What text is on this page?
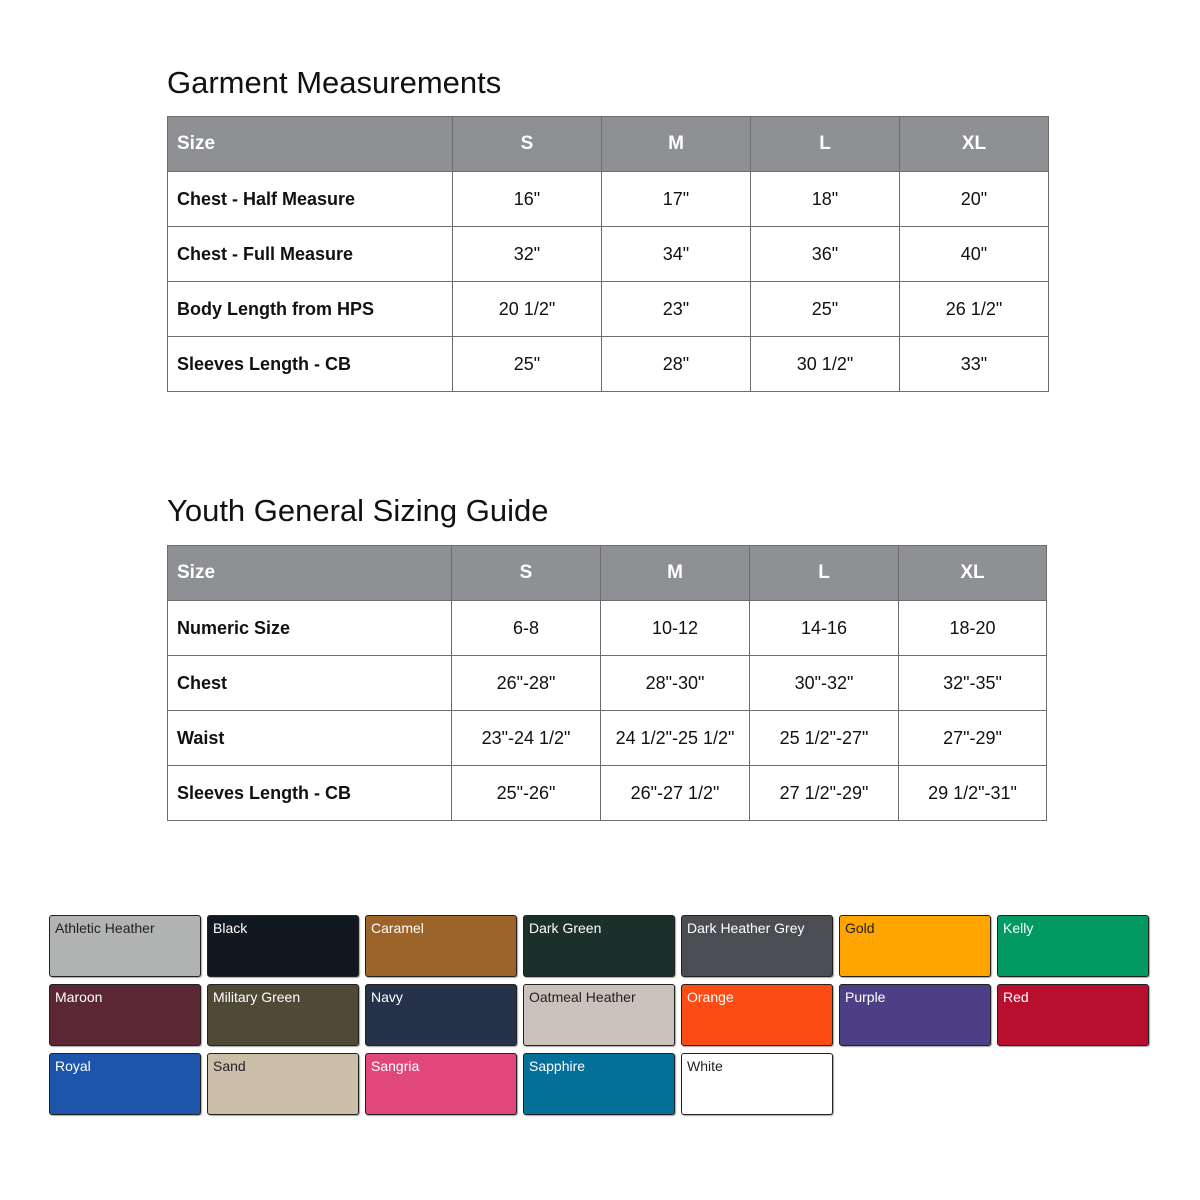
Garment Measurements
Size	S	M	L	XL
Chest - Half Measure	16"	17"	18"	20"
Chest - Full Measure	32"	34"	36"	40"
Body Length from HPS	20 1/2"	23"	25"	26 1/2"
Sleeves Length - CB	25"	28"	30 1/2"	33"
Youth General Sizing Guide
Size	S	M	L	XL
Numeric Size	6-8	10-12	14-16	18-20
Chest	26"-28"	28"-30"	30"-32"	32"-35"
Waist	23"-24 1/2"	24 1/2"-25 1/2"	25 1/2"-27"	27"-29"
Sleeves Length - CB	25"-26"	26"-27 1/2"	27 1/2"-29"	29 1/2"-31"
Athletic Heather	Black	Caramel	Dark Green	Dark Heather Grey	Gold	Kelly
Maroon	Military Green	Navy	Oatmeal Heather	Orange	Purple	Red
Royal	Sand	Sangria	Sapphire	White
